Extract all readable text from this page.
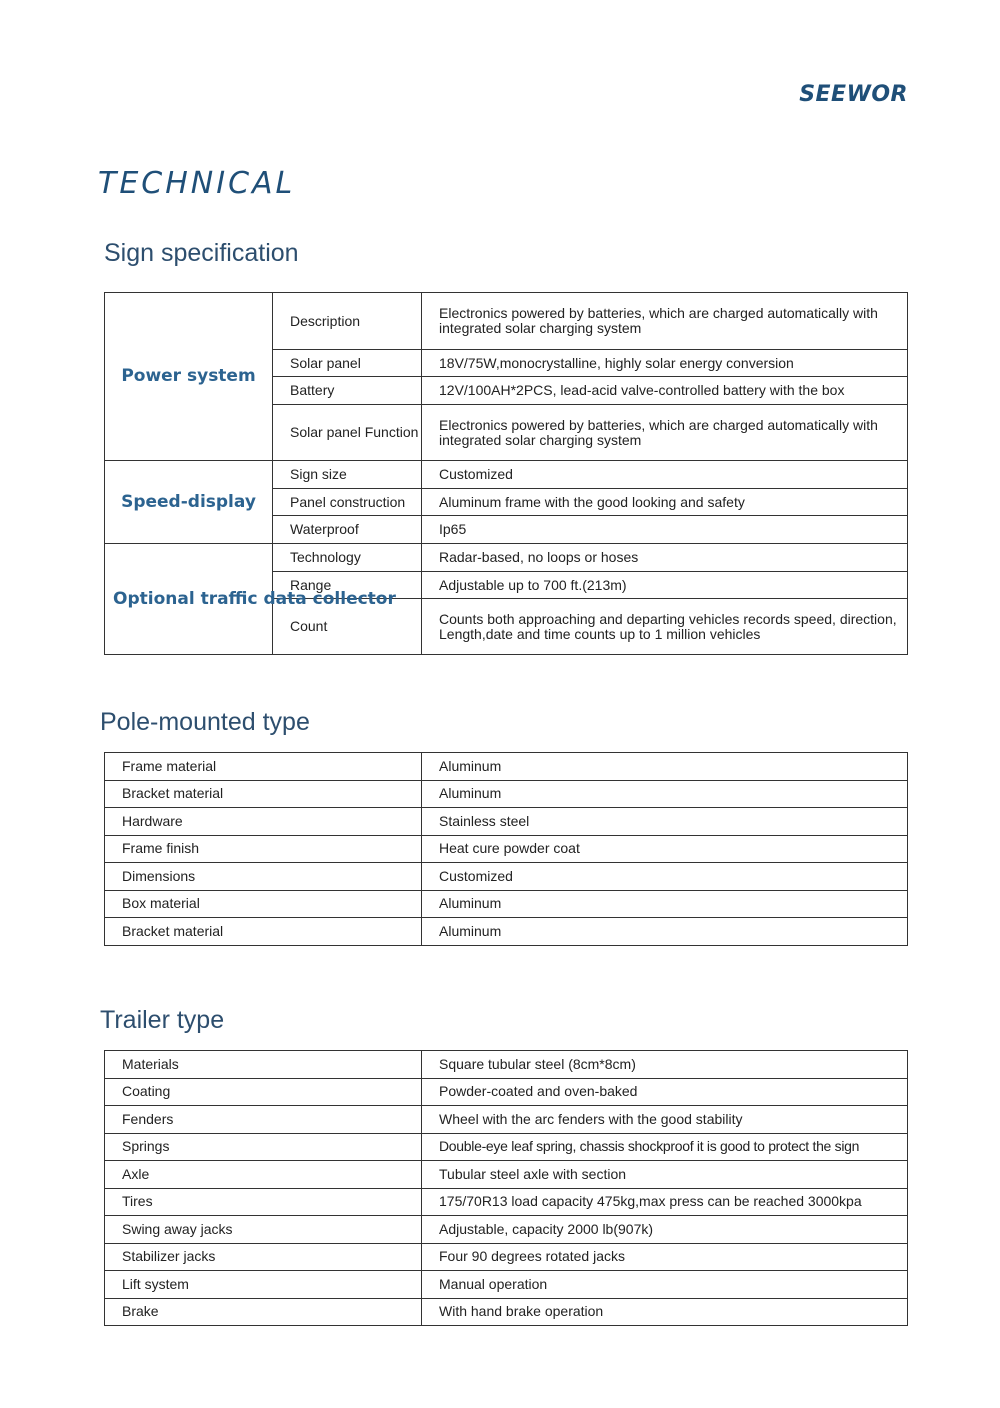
SEEWOR
TECHNICAL
Sign specification
Power system	Description	Electronics powered by batteries, which are charged automatically with integrated solar charging system
	Solar panel	18V/75W,monocrystalline, highly solar energy conversion
	Battery	12V/100AH*2PCS, lead-acid valve-controlled battery with the box
	Solar panel Function	Electronics powered by batteries, which are charged automatically with integrated solar charging system
Speed-display	Sign size	Customized
	Panel construction	Aluminum frame with the good looking and safety
	Waterproof	Ip65
Optional traffic data collector	Technology	Radar-based, no loops or hoses
	Range	Adjustable up to 700 ft.(213m)
	Count	Counts both approaching and departing vehicles records speed, direction, Length,date and time counts up to 1 million vehicles
Pole-mounted type
Frame material	Aluminum
Bracket material	Aluminum
Hardware	Stainless steel
Frame finish	Heat cure powder coat
Dimensions	Customized
Box material	Aluminum
Bracket material	Aluminum
Trailer type
Materials	Square tubular steel (8cm*8cm)
Coating	Powder-coated and oven-baked
Fenders	Wheel with the arc fenders with the good stability
Springs	Double-eye leaf spring, chassis shockproof it is good to protect the sign
Axle	Tubular steel axle with section
Tires	175/70R13 load capacity 475kg,max press can be reached 3000kpa
Swing away jacks	Adjustable, capacity 2000 lb(907k)
Stabilizer jacks	Four 90 degrees rotated jacks
Lift system	Manual operation
Brake	With hand brake operation
